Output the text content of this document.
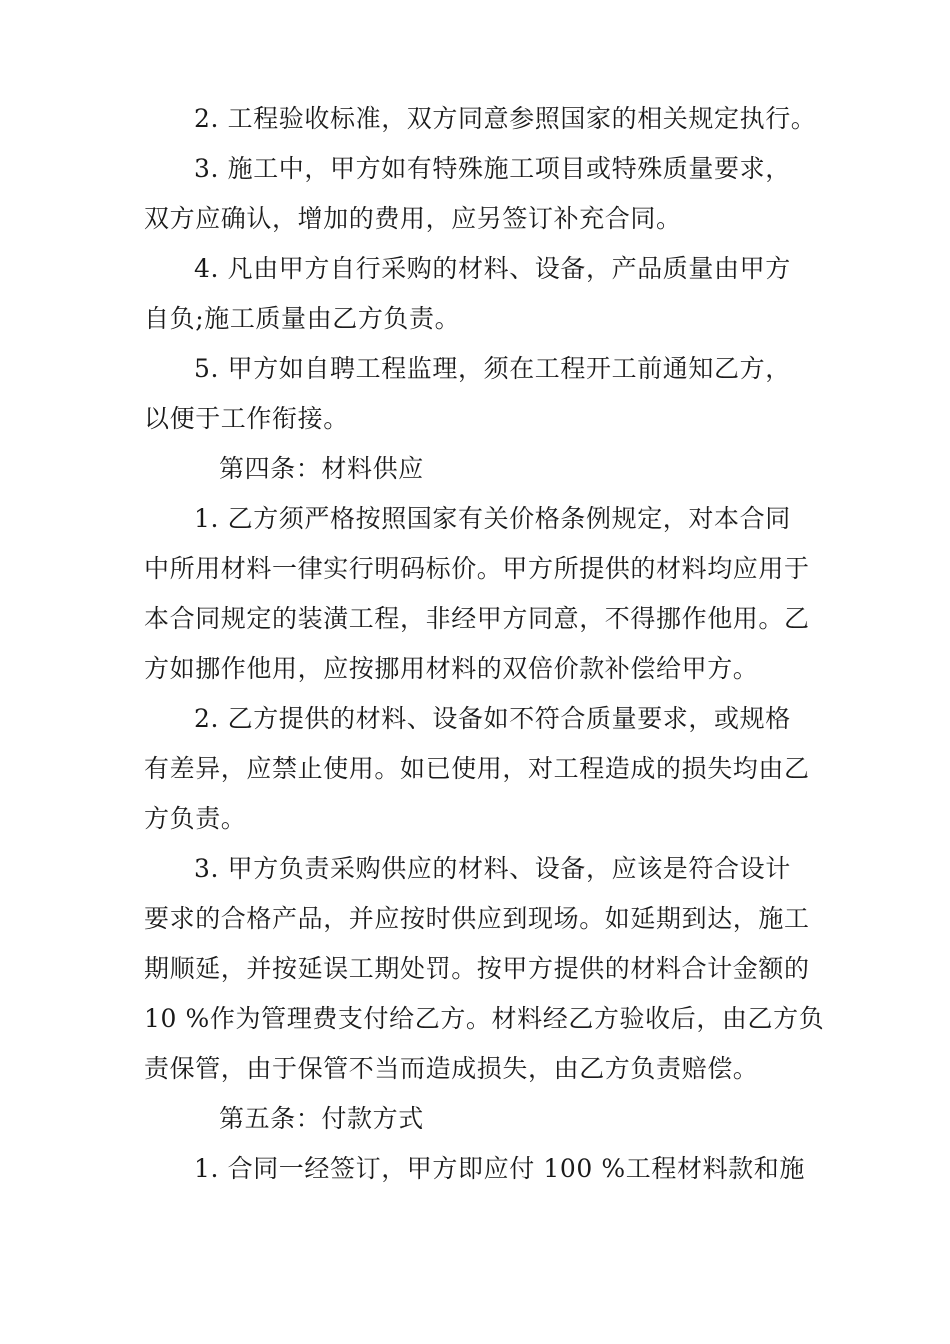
2. 工程验收标准，双方同意参照国家的相关规定执行。
3. 施工中，甲方如有特殊施工项目或特殊质量要求，
双方应确认，增加的费用，应另签订补充合同。
4. 凡由甲方自行采购的材料、设备，产品质量由甲方
自负;施工质量由乙方负责。
5. 甲方如自聘工程监理，须在工程开工前通知乙方，
以便于工作衔接。
第四条：材料供应
1. 乙方须严格按照国家有关价格条例规定，对本合同
中所用材料一律实行明码标价。甲方所提供的材料均应用于
本合同规定的装潢工程，非经甲方同意，不得挪作他用。乙
方如挪作他用，应按挪用材料的双倍价款补偿给甲方。
2. 乙方提供的材料、设备如不符合质量要求，或规格
有差异，应禁止使用。如已使用，对工程造成的损失均由乙
方负责。
3. 甲方负责采购供应的材料、设备，应该是符合设计
要求的合格产品，并应按时供应到现场。如延期到达，施工
期顺延，并按延误工期处罚。按甲方提供的材料合计金额的
10 %作为管理费支付给乙方。材料经乙方验收后，由乙方负
责保管，由于保管不当而造成损失，由乙方负责赔偿。
第五条：付款方式
1. 合同一经签订，甲方即应付 100 %工程材料款和施
